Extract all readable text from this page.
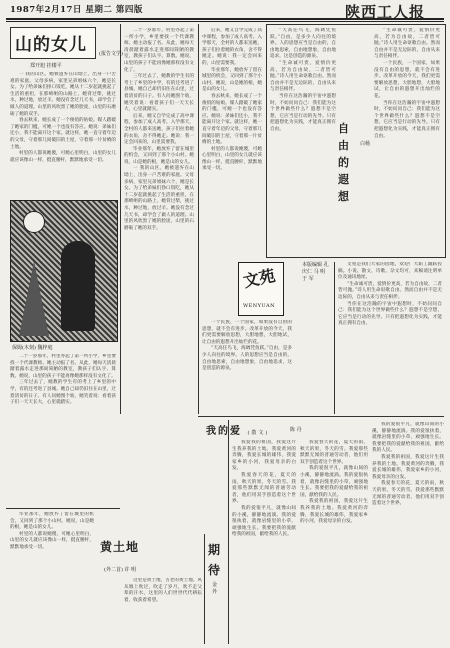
1987年2月17日 星期二 第四版	陕西工人报
山的女儿 (报告文学)
郑开旭 挂楼平

一 我的山区。她被遗弃在山坳上，出身一户苦难的家庭。父母多病，家里兄弟姐妹六个，她是长女。为了给弟妹们挣口饭吃，她从十二岁起就挑起了生活的重担，在那崎岖的山路上，她背过柴，挑过水，种过地，放过羊。她没有念过几天书，却学会了做人的道理。山里的风吹黑了她的脸庞，山里的石磨砺了她的双手。

春去秋来，她长成了一个俊俏的姑娘。媒人踏破了她家的门槛，可她一个也没有答应。她说：弟妹们还小，我不能离开这个家。就这样，她一直守着年迈的父母，守着那几间破旧的土屋，守着那一片贫瘠的土地。

村里的人都说她傻，可她心里明白，山里的女儿就应该像山一样，挺直腰杆，默默地承受一切。

保姆(木刻) 魏梓庭

二十一岁那年，村里办起了第一所小学，乡里要找一个代课教师。她主动报了名。从此，她每天清晨踏着露水走进那间简陋的教室，教孩子们认字、算数。她说，山里的孩子不能再像她那样没有文化了。

三年过去了，她教的学生有的考上了乡里的中学，有的还考进了县城。她自己却仍旧住在山里，过着清贫的日子。有人问她图个啥，她笑着说：看着孩子们一天天长大，心里就踏实。

二十一岁那年，村里办起了第一所小学，乡里要找一个代课教师。她主动报了名。从此，她每天清晨踏着露水走进那间简陋的教室，教孩子们认字、算数。她说，山里的孩子不能再像她那样没有文化了。

三年过去了，她教的学生有的考上了乡里的中学，有的还考进了县城。她自己却仍旧住在山里，过着清贫的日子。有人问她图个啥，她笑着说：看着孩子们一天天长大，心里就踏实。

后来，她又自学完成了高中课程，参加了成人高考。入学那天，全村的人都来送她，孩子们拉着她的衣角，舍不得她走。她说：我一定会回来的，山里需要我。

毕业那年，她放弃了留在城里的机会，又回到了那个小山村。她说，山是她的根，她是山的女儿。

一 我的山区。她被遗弃在山坳上，出身一户苦难的家庭。父母多病，家里兄弟姐妹六个，她是长女。为了给弟妹们挣口饭吃，她从十二岁起就挑起了生活的重担，在那崎岖的山路上，她背过柴，挑过水，种过地，放过羊。她没有念过几天书，却学会了做人的道理。山里的风吹黑了她的脸庞，山里的石磨砺了她的双手。

后来，她又自学完成了高中课程，参加了成人高考。入学那天，全村的人都来送她，孩子们拉着她的衣角，舍不得她走。她说：我一定会回来的，山里需要我。

毕业那年，她放弃了留在城里的机会，又回到了那个小山村。她说，山是她的根，她是山的女儿。

春去秋来，她长成了一个俊俏的姑娘。媒人踏破了她家的门槛，可她一个也没有答应。她说：弟妹们还小，我不能离开这个家。就这样，她一直守着年迈的父母，守着那几间破旧的土屋，守着那一片贫瘠的土地。

村里的人都说她傻，可她心里明白，山里的女儿就应该像山一样，挺直腰杆，默默地承受一切。

“天高任鸟飞，海阔凭鱼跃。”自由，是多少人向往的境界。人的思想应当是自由的，自由地思索，自由地想象，自由地追求，这是创造的源泉。

“生命诚可贵，爱情价更高，若为自由故，二者皆可抛。”诗人用生命讴歌自由。然而自由并不是无边际的，自由从来与责任相伴。

当你在这浩瀚的宇宙中遐想时，不妨问问自己：我们能为这个世界做些什么？遐想不是空想，它应当是行动的先导。只有把遐想化为实践，才能真正拥有自由。	自由的遐想
白杨

“生命诚可贵，爱情价更高，若为自由故，二者皆可抛。”诗人用生命讴歌自由。然而自由并不是无边际的，自由从来与责任相伴。

一个民族，一个国家，如果没有自由的思想，就不会有进步。改革开放的今天，我们更需要解放思想，大胆地想，大胆地试，让自由的遐想开出灿烂的花。

当你在这浩瀚的宇宙中遐想时，不妨问问自己：我们能为这个世界做些什么？遐想不是空想，它应当是行动的先导。只有把遐想化为实践，才能真正拥有自由。

文苑
WENYUAN
本版编辑 孔庆仁 马 明 于 军

一个民族，一个国家，如果没有自由的思想，就不会有进步。改革开放的今天，我们更需要解放思想，大胆地想，大胆地试，让自由的遐想开出灿烂的花。

“天高任鸟飞，海阔凭鱼跃。”自由，是多少人向往的境界。人的思想应当是自由的，自由地思索，自由地想象，自由地追求，这是创造的源泉。

文苑是我们大家的园地，欢迎广大职工踊跃投稿。小说、散文、诗歌、杂文均可，来稿请注明单位及通讯地址。

“生命诚可贵，爱情价更高，若为自由故，二者皆可抛。”诗人用生命讴歌自由。然而自由并不是无边际的，自由从来与责任相伴。

当你在这浩瀚的宇宙中遐想时，不妨问问自己：我们能为这个世界做些什么？遐想不是空想，它应当是行动的先导。只有把遐想化为实践，才能真正拥有自由。

我的爱 (散文)	陈 丹

我爱我的祖国，我爱这片生我养我的土地。我爱黄河的奔腾，我爱长城的雄伟，我爱家乡的小河，我爱母亲的白发。

我爱春天的花，夏天的雨，秋天的果，冬天的雪。我爱那些默默无闻的普通劳动者，他们用双手创造着这个世界。

我的爱很平凡，就像山间的小溪，静静地流淌。我的爱很执着，就像岩缝里的小草，顽强地生长。我要把我的爱献给我的祖国，献给我的人民。

我爱春天的花，夏天的雨，秋天的果，冬天的雪。我爱那些默默无闻的普通劳动者，他们用双手创造着这个世界。

我的爱很平凡，就像山间的小溪，静静地流淌。我的爱很执着，就像岩缝里的小草，顽强地生长。我要把我的爱献给我的祖国，献给我的人民。

我爱我的祖国，我爱这片生我养我的土地。我爱黄河的奔腾，我爱长城的雄伟，我爱家乡的小河，我爱母亲的白发。

我的爱很平凡，就像山间的小溪，静静地流淌。我的爱很执着，就像岩缝里的小草，顽强地生长。我要把我的爱献给我的祖国，献给我的人民。

我爱我的祖国，我爱这片生我养我的土地。我爱黄河的奔腾，我爱长城的雄伟，我爱家乡的小河，我爱母亲的白发。

我爱春天的花，夏天的雨，秋天的果，冬天的雪。我爱那些默默无闻的普通劳动者，他们用双手创造着这个世界。

毕业那年，她放弃了留在城里的机会，又回到了那个小山村。她说，山是她的根，她是山的女儿。

村里的人都说她傻，可她心里明白，山里的女儿就应该像山一样，挺直腰杆，默默地承受一切。	黄土地
(外二首) 许 明

这里是黄土地，古老的黄土地。风从塬上吹过，吹走了岁月，吹不走父辈的汗水。这里的人们世世代代耕耘着，收获着希望。

期待
金 外
